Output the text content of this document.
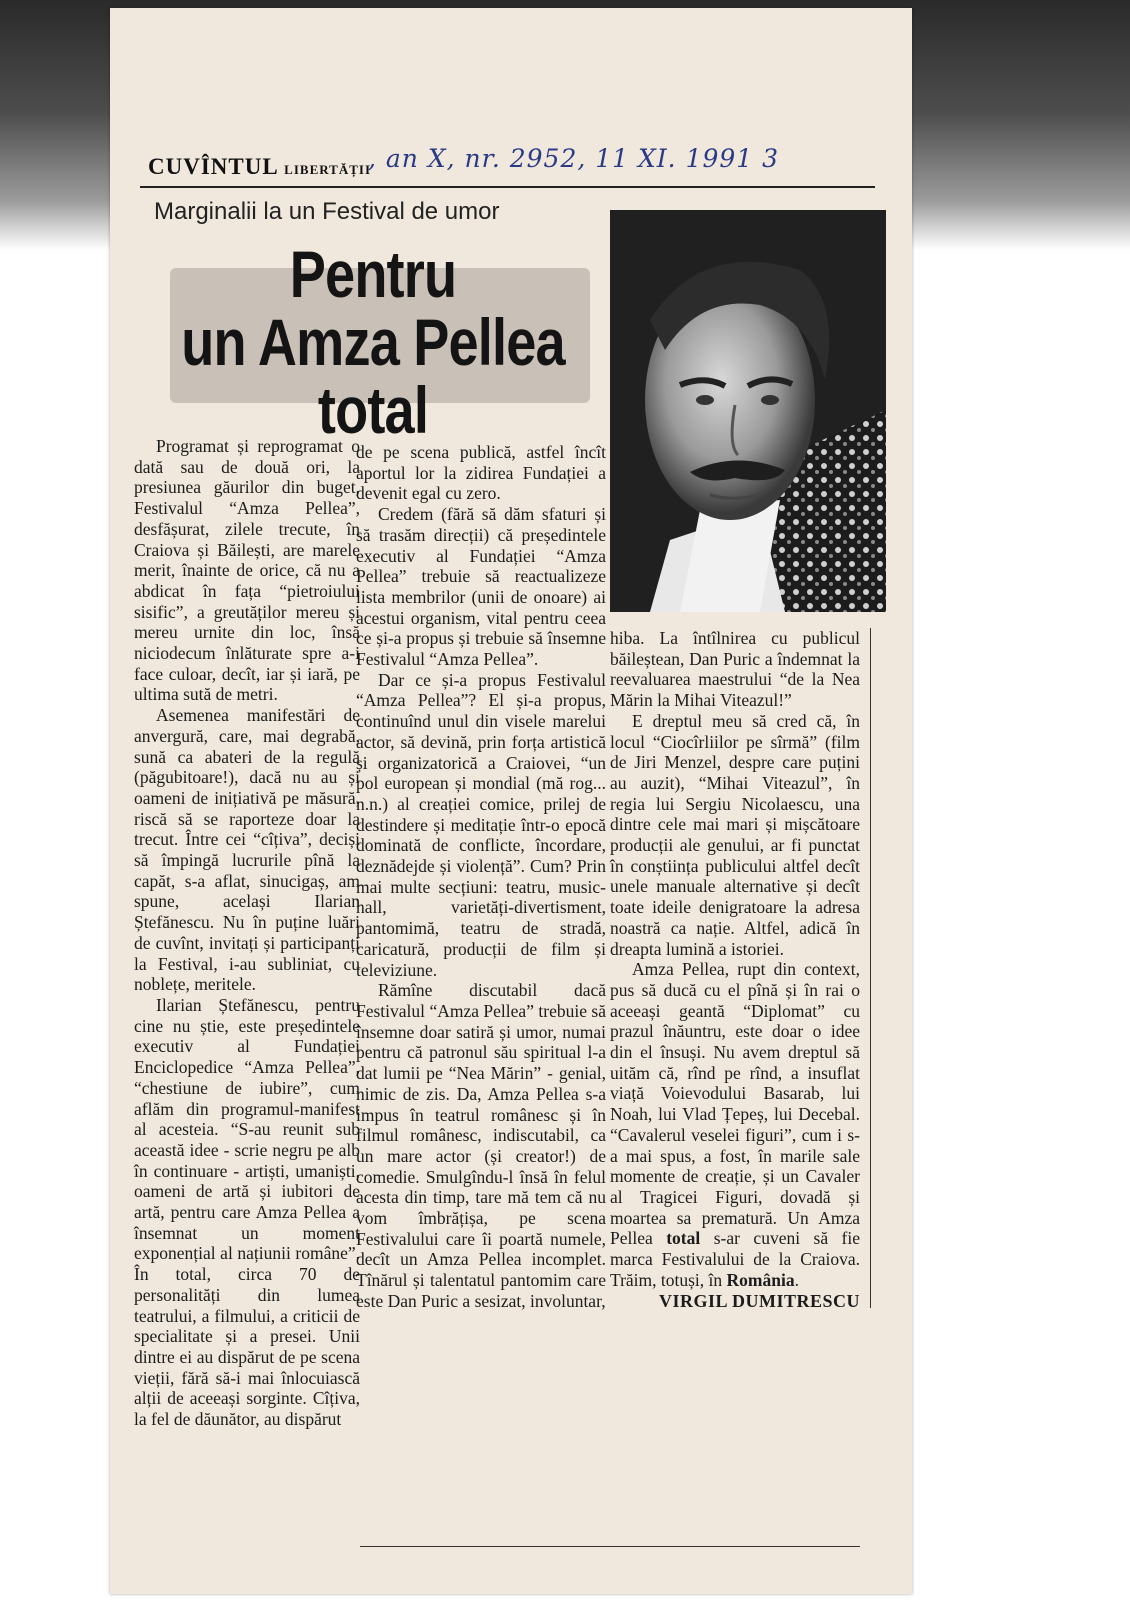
CUVÎNTUL LIBERTĂȚII
, an X, nr. 2952, 11 XI. 1991 3
Marginalii la un Festival de umor
Pentru
un Amza Pellea
total

Programat și reprogramat o dată sau de două ori, la presiunea găurilor din buget, Festivalul “Amza Pellea”, desfășurat, zilele trecute, în Craiova și Băilești, are marele merit, înainte de orice, că nu a abdicat în fața “pietroiului sisific”, a greutăților mereu și mereu urnite din loc, însă niciodecum înlăturate spre a-i face culoar, decît, iar și iară, pe ultima sută de metri.

Asemenea manifestări de anvergură, care, mai degrabă, sună ca abateri de la regulă (păgubitoare!), dacă nu au și oameni de inițiativă pe măsură, riscă să se raporteze doar la trecut. Între cei “cîțiva”, deciși să împingă lucrurile pînă la capăt, s-a aflat, sinucigaș, am spune, același Ilarian Ștefănescu. Nu în puține luări de cuvînt, invitați și participanți la Festival, i-au subliniat, cu noblețe, meritele.

Ilarian Ștefănescu, pentru cine nu știe, este președintele executiv al Fundației Enciclopedice “Amza Pellea”, “chestiune de iubire”, cum aflăm din programul-manifest al acesteia. “S-au reunit sub această idee - scrie negru pe alb în continuare - artiști, umaniști, oameni de artă și iubitori de artă, pentru care Amza Pellea a însemnat un moment exponențial al națiunii române”. În total, circa 70 de personalități din lumea teatrului, a filmului, a criticii de specialitate și a presei. Unii dintre ei au dispărut de pe scena vieții, fără să-i mai înlocuiască alții de aceeași sorginte. Cîțiva, la fel de dăunător, au dispărut

de pe scena publică, astfel încît aportul lor la zidirea Fundației a devenit egal cu zero.

Credem (fără să dăm sfaturi și să trasăm direcții) că președintele executiv al Fundației “Amza Pellea” trebuie să reactualizeze lista membrilor (unii de onoare) ai acestui organism, vital pentru ceea ce și-a propus și trebuie să însemne Festivalul “Amza Pellea”.

Dar ce și-a propus Festivalul “Amza Pellea”? El și-a propus, continuînd unul din visele marelui actor, să devină, prin forța artistică și organizatorică a Craiovei, “un pol european și mondial (mă rog... n.n.) al creației comice, prilej de destindere și meditație într-o epocă dominată de conflicte, încordare, deznădejde și violență”. Cum? Prin mai multe secțiuni: teatru, music-hall, varietăți-divertisment, pantomimă, teatru de stradă, caricatură, producții de film și televiziune.

Rămîne discutabil dacă Festivalul “Amza Pellea” trebuie să însemne doar satiră și umor, numai pentru că patronul său spiritual l-a dat lumii pe “Nea Mărin” - genial, nimic de zis. Da, Amza Pellea s-a impus în teatrul românesc și în filmul românesc, indiscutabil, ca un mare actor (și creator!) de comedie. Smulgîndu-l însă în felul acesta din timp, tare mă tem că nu vom îmbrățișa, pe scena Festivalului care îi poartă numele, decît un Amza Pellea incomplet. Tînărul și talentatul pantomim care este Dan Puric a sesizat, involuntar,

hiba. La întîlnirea cu publicul băileștean, Dan Puric a îndemnat la reevaluarea maestrului “de la Nea Mărin la Mihai Viteazul!”

E dreptul meu să cred că, în locul “Ciocîrliilor pe sîrmă” (film de Jiri Menzel, despre care puțini au auzit), “Mihai Viteazul”, în regia lui Sergiu Nicolaescu, una dintre cele mai mari și mișcătoare producții ale genului, ar fi punctat în conștiința publicului altfel decît unele manuale alternative și decît toate ideile denigratoare la adresa noastră ca nație. Altfel, adică în dreapta lumină a istoriei.

Amza Pellea, rupt din context, pus să ducă cu el pînă și în rai o aceeași geantă “Diplomat” cu prazul înăuntru, este doar o idee din el însuși. Nu avem dreptul să uităm că, rînd pe rînd, a insuflat viață Voievodului Basarab, lui Noah, lui Vlad Țepeș, lui Decebal. “Cavalerul veselei figuri”, cum i s-a mai spus, a fost, în marile sale momente de creație, și un Cavaler al Tragicei Figuri, dovadă și moartea sa prematură. Un Amza Pellea total s-ar cuveni să fie marca Festivalului de la Craiova. Trăim, totuși, în România.

VIRGIL DUMITRESCU
